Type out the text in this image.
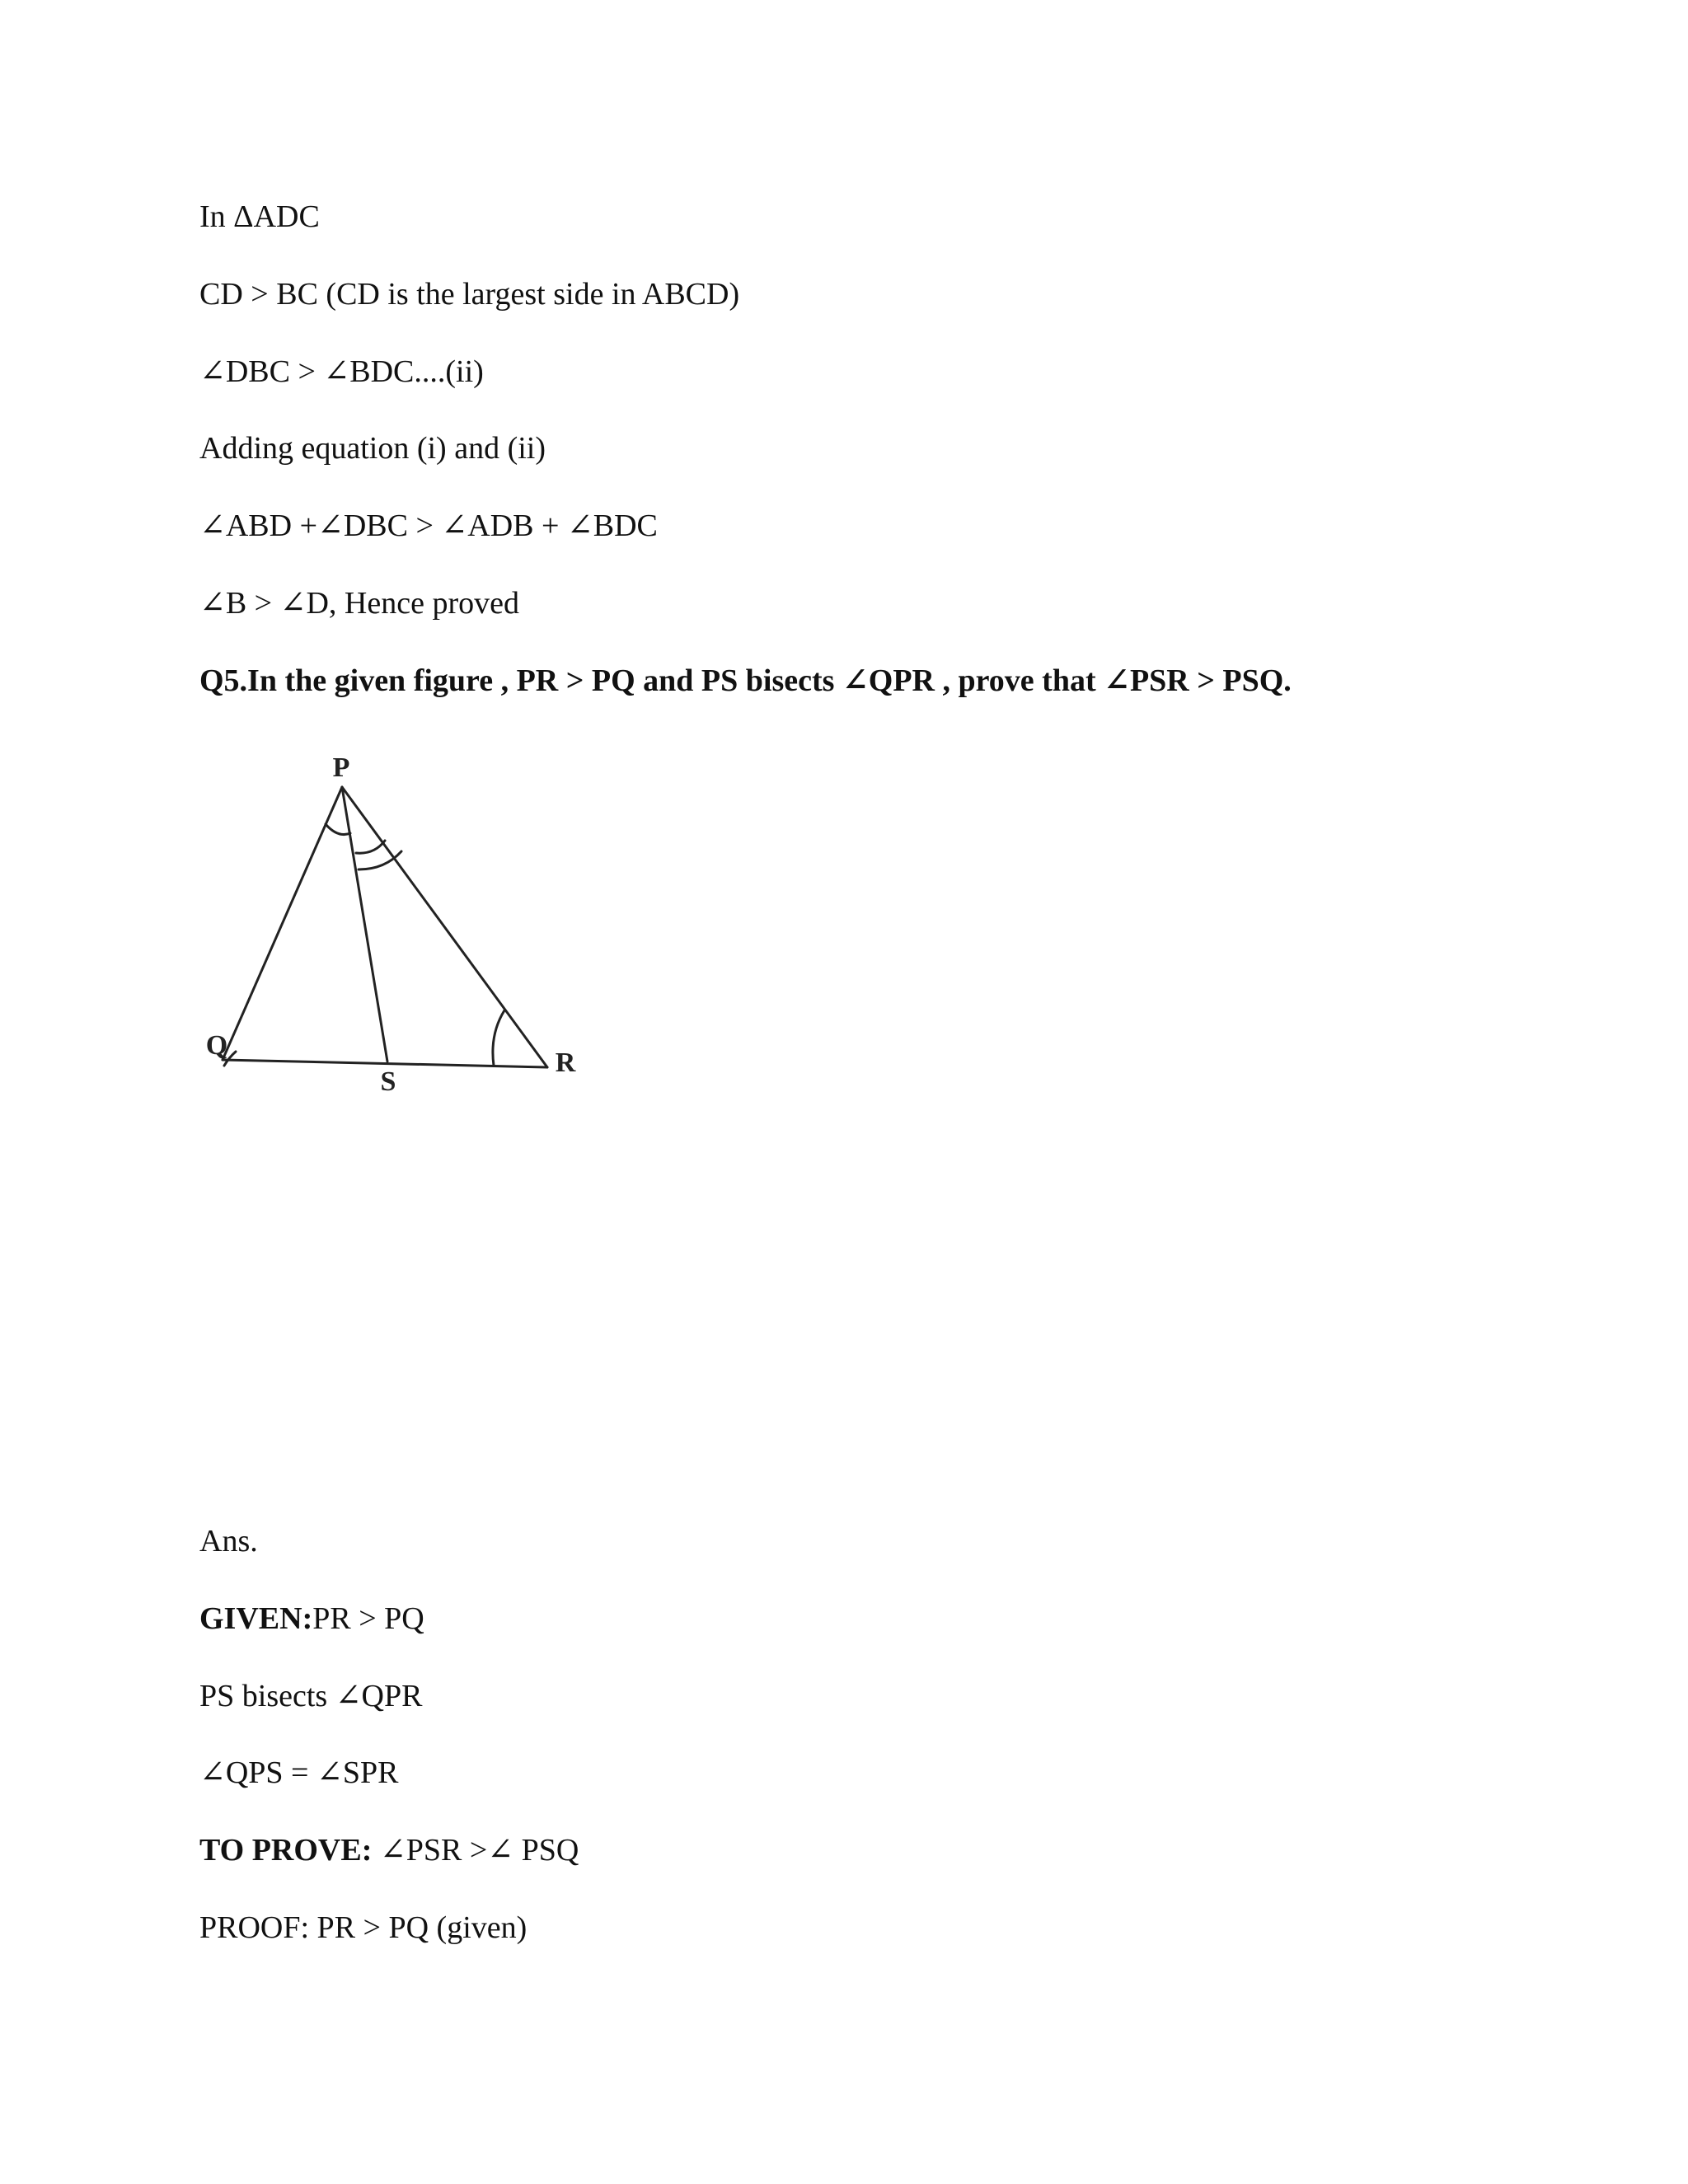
In ΔADC
CD > BC (CD is the largest side in ABCD)
∠DBC > ∠BDC....(ii)
Adding equation (i) and (ii)
∠ABD +∠DBC > ∠ADB + ∠BDC
∠B > ∠D, Hence proved
Q5.In the given figure , PR > PQ and PS bisects ∠QPR , prove that ∠PSR > PSQ.
P
Q
R
S
Ans.
GIVEN:PR > PQ
PS bisects ∠QPR
∠QPS = ∠SPR
TO PROVE: ∠PSR >∠ PSQ
PROOF: PR > PQ (given)
